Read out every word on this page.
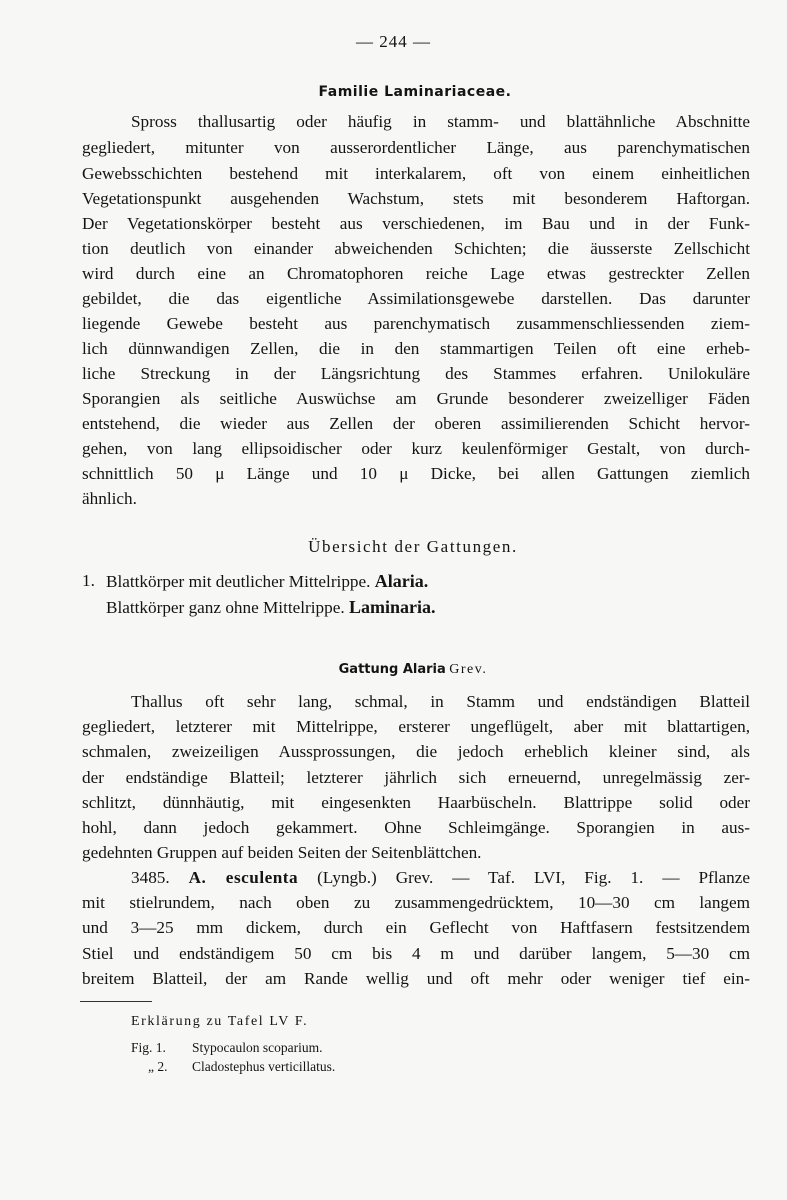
— 244 —
Familie Laminariaceae.
Spross thallusartig oder häufig in stamm- und blattähnliche Abschnitte
gegliedert, mitunter von ausserordentlicher Länge, aus parenchymatischen
Gewebsschichten bestehend mit interkalarem, oft von einem einheitlichen
Vegetationspunkt ausgehenden Wachstum, stets mit besonderem Haftorgan.
Der Vegetationskörper besteht aus verschiedenen, im Bau und in der Funk-
tion deutlich von einander abweichenden Schichten; die äusserste Zellschicht
wird durch eine an Chromatophoren reiche Lage etwas gestreckter Zellen
gebildet, die das eigentliche Assimilationsgewebe darstellen. Das darunter
liegende Gewebe besteht aus parenchymatisch zusammenschliessenden ziem-
lich dünnwandigen Zellen, die in den stammartigen Teilen oft eine erheb-
liche Streckung in der Längsrichtung des Stammes erfahren. Unilokuläre
Sporangien als seitliche Auswüchse am Grunde besonderer zweizelliger Fäden
entstehend, die wieder aus Zellen der oberen assimilierenden Schicht hervor-
gehen, von lang ellipsoidischer oder kurz keulenförmiger Gestalt, von durch-
schnittlich 50 μ Länge und 10 μ Dicke, bei allen Gattungen ziemlich
ähnlich.
Übersicht der Gattungen.
1. Blattkörper mit deutlicher Mittelrippe. Alaria.
Blattkörper ganz ohne Mittelrippe. Laminaria.
Gattung Alaria Grev.
Thallus oft sehr lang, schmal, in Stamm und endständigen Blatteil
gegliedert, letzterer mit Mittelrippe, ersterer ungeflügelt, aber mit blattartigen,
schmalen, zweizeiligen Aussprossungen, die jedoch erheblich kleiner sind, als
der endständige Blatteil; letzterer jährlich sich erneuernd, unregelmässig zer-
schlitzt, dünnhäutig, mit eingesenkten Haarbüscheln. Blattrippe solid oder
hohl, dann jedoch gekammert. Ohne Schleimgänge. Sporangien in aus-
gedehnten Gruppen auf beiden Seiten der Seitenblättchen.
3485. A. esculenta (Lyngb.) Grev. — Taf. LVI, Fig. 1. — Pflanze
mit stielrundem, nach oben zu zusammengedrücktem, 10—30 cm langem
und 3—25 mm dickem, durch ein Geflecht von Haftfasern festsitzendem
Stiel und endständigem 50 cm bis 4 m und darüber langem, 5—30 cm
breitem Blatteil, der am Rande wellig und oft mehr oder weniger tief ein-
Erklärung zu Tafel LV F.
Fig. 1. Stypocaulon scoparium.
„ 2. Cladostephus verticillatus.
